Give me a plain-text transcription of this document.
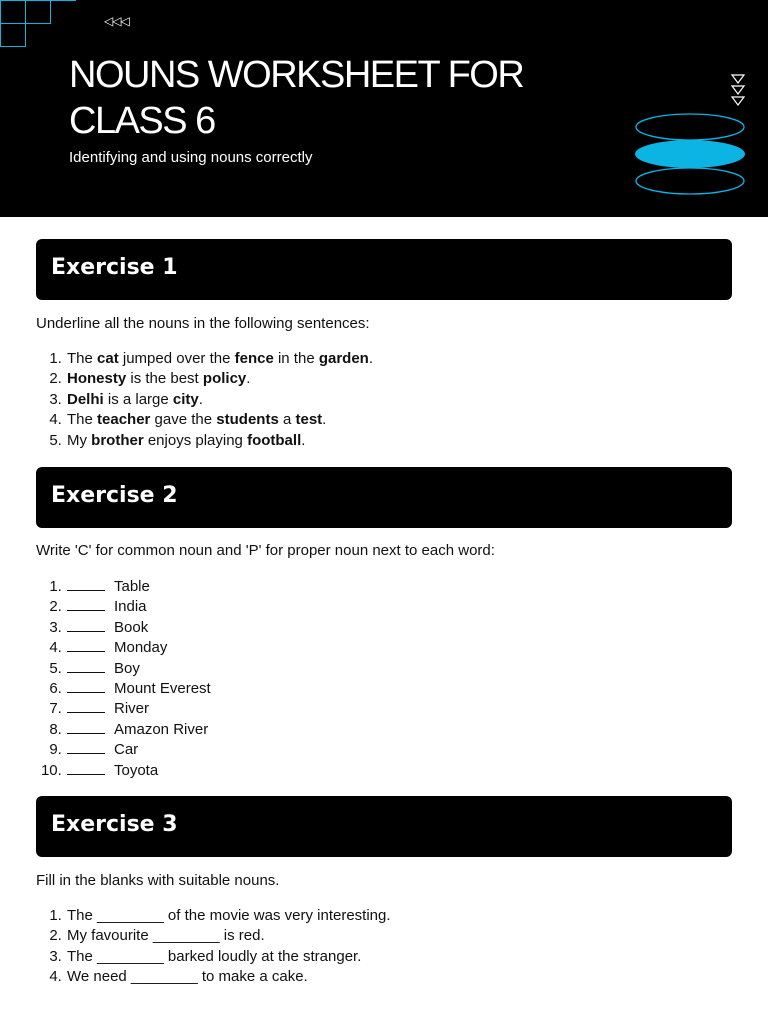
◁◁◁
NOUNS WORKSHEET FOR CLASS 6
Identifying and using nouns correctly
Exercise 1
Underline all the nouns in the following sentences:
1. The cat jumped over the fence in the garden.
2. Honesty is the best policy.
3. Delhi is a large city.
4. The teacher gave the students a test.
5. My brother enjoys playing football.
Exercise 2
Write 'C' for common noun and 'P' for proper noun next to each word:
1. Table
2. India
3. Book
4. Monday
5. Boy
6. Mount Everest
7. River
8. Amazon River
9. Car
10. Toyota
Exercise 3
Fill in the blanks with suitable nouns.
1. The ________ of the movie was very interesting.
2. My favourite ________ is red.
3. The ________ barked loudly at the stranger.
4. We need ________ to make a cake.
